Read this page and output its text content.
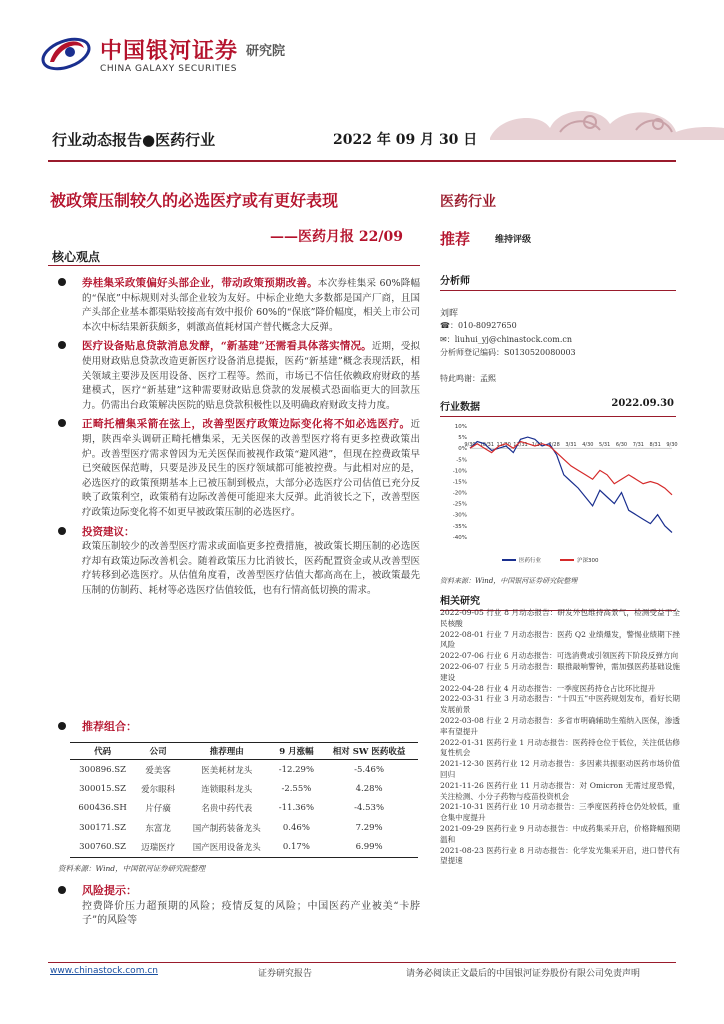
中国银河证券 研究院
CHINA GALAXY SECURITIES
行业动态报告●医药行业	2022 年 09 月 30 日
被政策压制较久的必选医疗或有更好表现
——医药月报 22/09
核心观点
券桂集采政策偏好头部企业，带动政策预期改善。本次券桂集采 60%降幅的“保底”中标规则对头部企业较为友好。中标企业绝大多数都是国产厂商，且国产头部企业基本都渠贴较接高有效中报价 60%的“保底”降价幅度，相关上市公司本次中标结果新获颇多，刺激高值耗材国产替代概念大反弹。
医疗设备贴息贷款消息发酵，“新基建”还需看具体落实情况。近期，受拟使用财政贴息贷款改造更新医疗设备消息提振，医药“新基建”概念表现活跃，相关领域主要涉及医用设备、医疗工程等。然而，市场已不信任依赖政府财政的基建模式，医疗“新基建”这种需要财政贴息贷款的发展模式恐面临更大的回款压力。仍需出台政策解决医院的贴息贷款积极性以及明确政府财政支持力度。
正畸托槽集采箭在弦上，改善型医疗政策边际变化将不如必选医疗。近期，陕西牵头调研正畸托槽集采，无关医保的改善型医疗将有更多控费政策出炉。改善型医疗需求曾因为无关医保而被视作政策“避风港”，但现在控费政策早已突破医保范畴，只要是涉及民生的医疗领域都可能被控费。与此相对应的是，必选医疗的政策预期基本上已被压制到极点，大部分必选医疗公司估值已充分反映了政策利空，政策稍有边际改善便可能迎来大反弹。此消彼长之下，改善型医疗政策边际变化将不如更早被政策压制的必选医疗。
投资建议：
政策压制较少的改善型医疗需求或面临更多控费措施，被政策长期压制的必选医疗却有政策边际改善机会。随着政策压力比消彼长，医药配置资金或从改善型医疗转移到必选医疗。从估值角度看，改善型医疗估值大都高高在上，被政策最先压制的仿制药、耗材等必选医疗估值较低，也有行情高低切换的需求。
推荐组合：
代码	公司	推荐理由	9 月涨幅	相对 SW 医药收益
300896.SZ	爱美客	医美耗材龙头	-12.29%	-5.46%
300015.SZ	爱尔眼科	连锁眼科龙头	-2.55%	4.28%
600436.SH	片仔癀	名贵中药代表	-11.36%	-4.53%
300171.SZ	东富龙	国产制药装备龙头	0.46%	7.29%
300760.SZ	迈瑞医疗	国产医用设备龙头	0.17%	6.99%
资料来源：Wind，中国银河证券研究院整理
风险提示：
控费降价压力超预期的风险；疫情反复的风险；中国医药产业被美“卡脖子”的风险等
医药行业
推荐	维持评级
分析师
刘晖
☎：010-80927650
✉：liuhui_yj@chinastock.com.cn
分析师登记编码：S0130520080003
特此鸣谢：孟熙
行业数据	2022.09.30
10%
5%
0%
-5%
-10%
-15%
-20%
-25%
-30%
-35%
-40%
9/30 10/31 11/30 12/31 1/31 2/28 3/31 4/30 5/31 6/30 7/31 8/31 9/30
医药行业	沪深300
资料来源：Wind，中国银河证券研究院整理
相关研究
2022-09-05 行业 8 月动态报告：研发外包维持高景气，检测受益于全民核酸
2022-08-01 行业 7 月动态报告：医药 Q2 业绩爆发，警惕业绩期下挫风险
2022-07-06 行业 6 月动态报告：可选消费或引领医药下阶段反弹方向
2022-06-07 行业 5 月动态报告：眼推敲响警钟，需加强医药基础设施建设
2022-04-28 行业 4 月动态报告：一季度医药持仓占比环比提升
2022-03-31 行业 3 月动态报告：“十四五”中医药规划发布，看好长期发展前景
2022-03-08 行业 2 月动态报告：多省市明确辅助生殖纳入医保，渗透率有望提升
2022-01-31 医药行业 1 月动态报告：医药持仓位于低位，关注低估修复性机会
2021-12-30 医药行业 12 月动态报告：多因素共振驱动医药市场价值回归
2021-11-26 医药行业 11 月动态报告：对 Omicron 无需过度恐慌，关注检测、小分子药物与疫苗投资机会
2021-10-31 医药行业 10 月动态报告：三季度医药持仓仍处较低，重仓集中度提升
2021-09-29 医药行业 9 月动态报告：中成药集采开启，价格降幅预期温和
2021-08-23 医药行业 8 月动态报告：化学发光集采开启，进口替代有望提速
www.chinastock.com.cn	证券研究报告	请务必阅读正文最后的中国银河证券股份有限公司免责声明
